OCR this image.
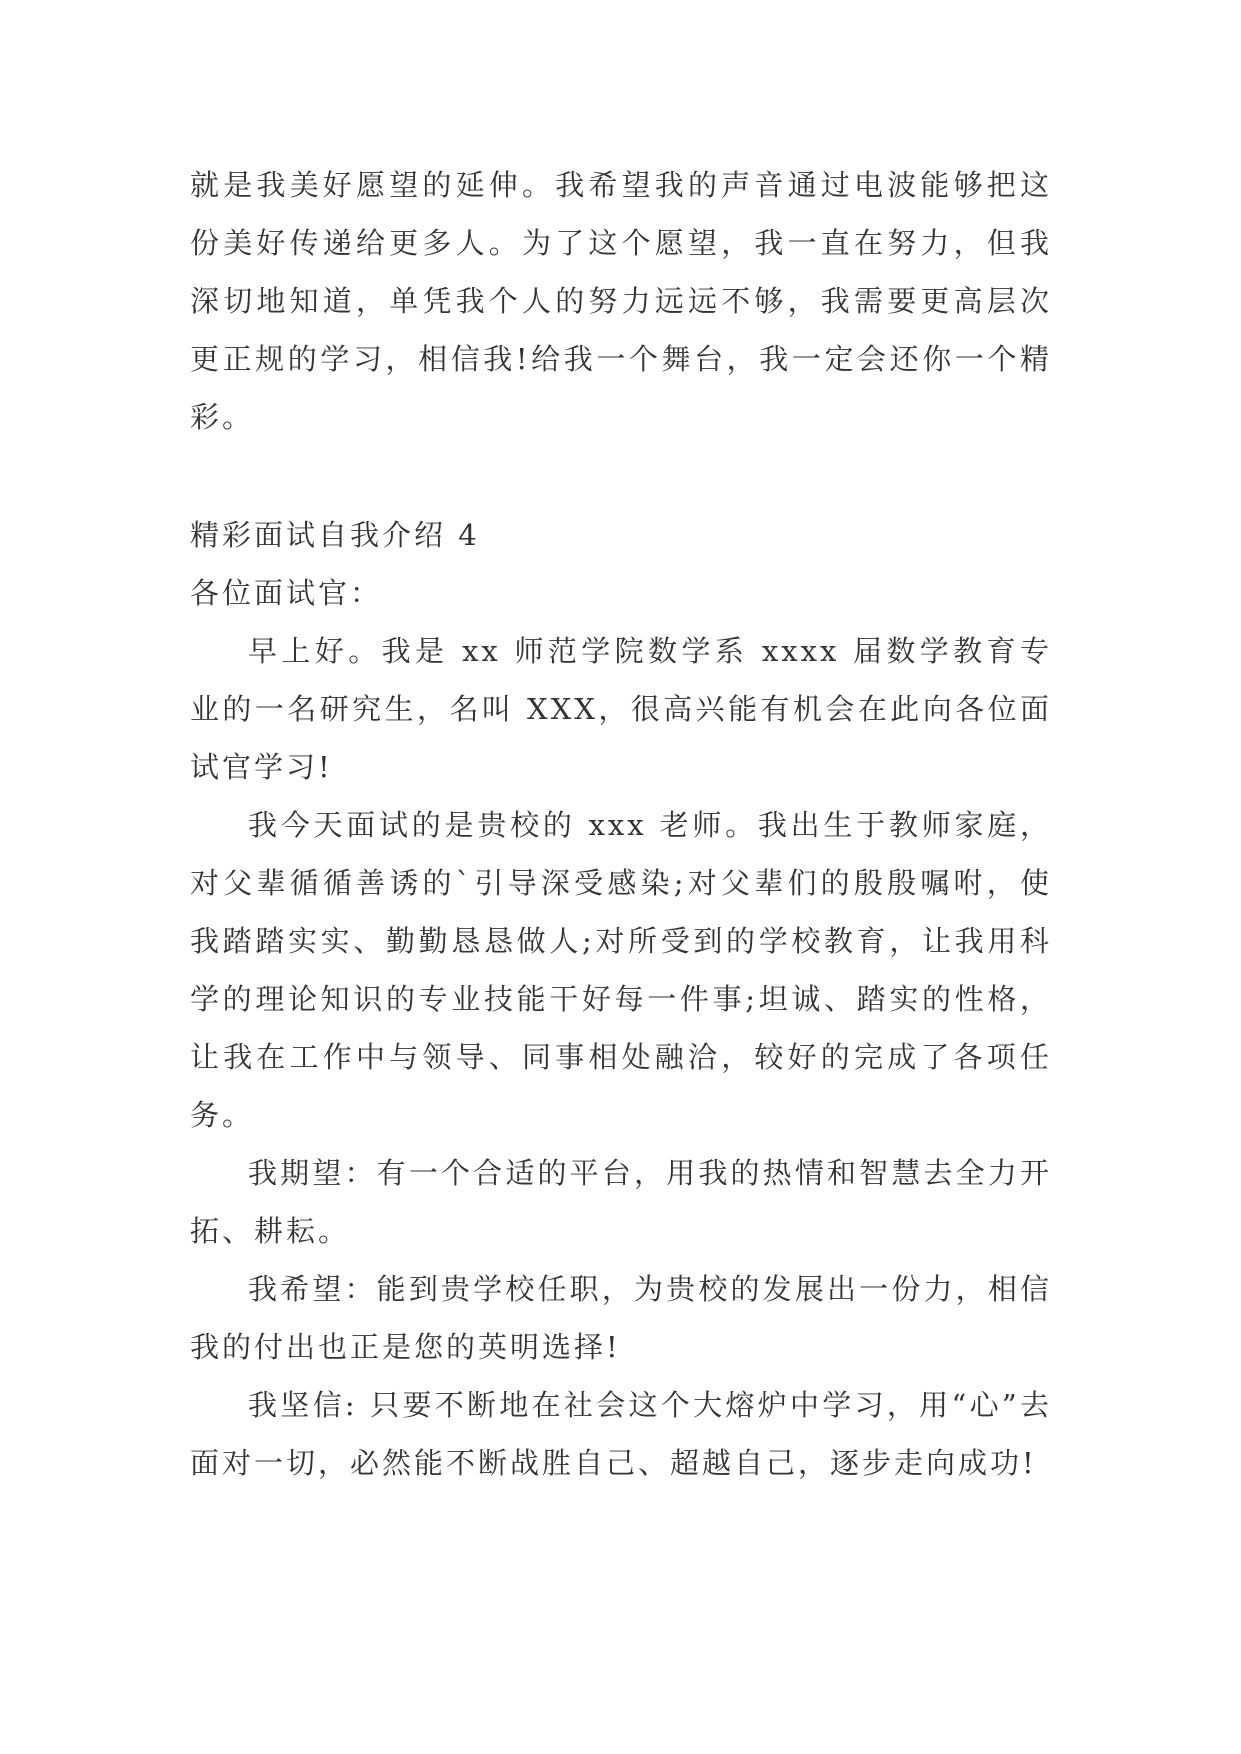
就是我美好愿望的延伸。我希望我的声音通过电波能够把这份美好传递给更多人。为了这个愿望，我一直在努力，但我深切地知道，单凭我个人的努力远远不够，我需要更高层次更正规的学习，相信我!给我一个舞台，我一定会还你一个精彩。

精彩面试自我介绍 4

各位面试官：

早上好。我是 xx 师范学院数学系 xxxx 届数学教育专业的一名研究生，名叫 XXX，很高兴能有机会在此向各位面试官学习!

我今天面试的是贵校的 xxx 老师。我出生于教师家庭，对父辈循循善诱的`引导深受感染;对父辈们的殷殷嘱咐，使我踏踏实实、勤勤恳恳做人;对所受到的学校教育，让我用科学的理论知识的专业技能干好每一件事;坦诚、踏实的性格，让我在工作中与领导、同事相处融洽，较好的完成了各项任务。

我期望：有一个合适的平台，用我的热情和智慧去全力开拓、耕耘。

我希望：能到贵学校任职，为贵校的发展出一份力，相信我的付出也正是您的英明选择!

我坚信: 只要不断地在社会这个大熔炉中学习，用“心”去面对一切，必然能不断战胜自己、超越自己，逐步走向成功!
